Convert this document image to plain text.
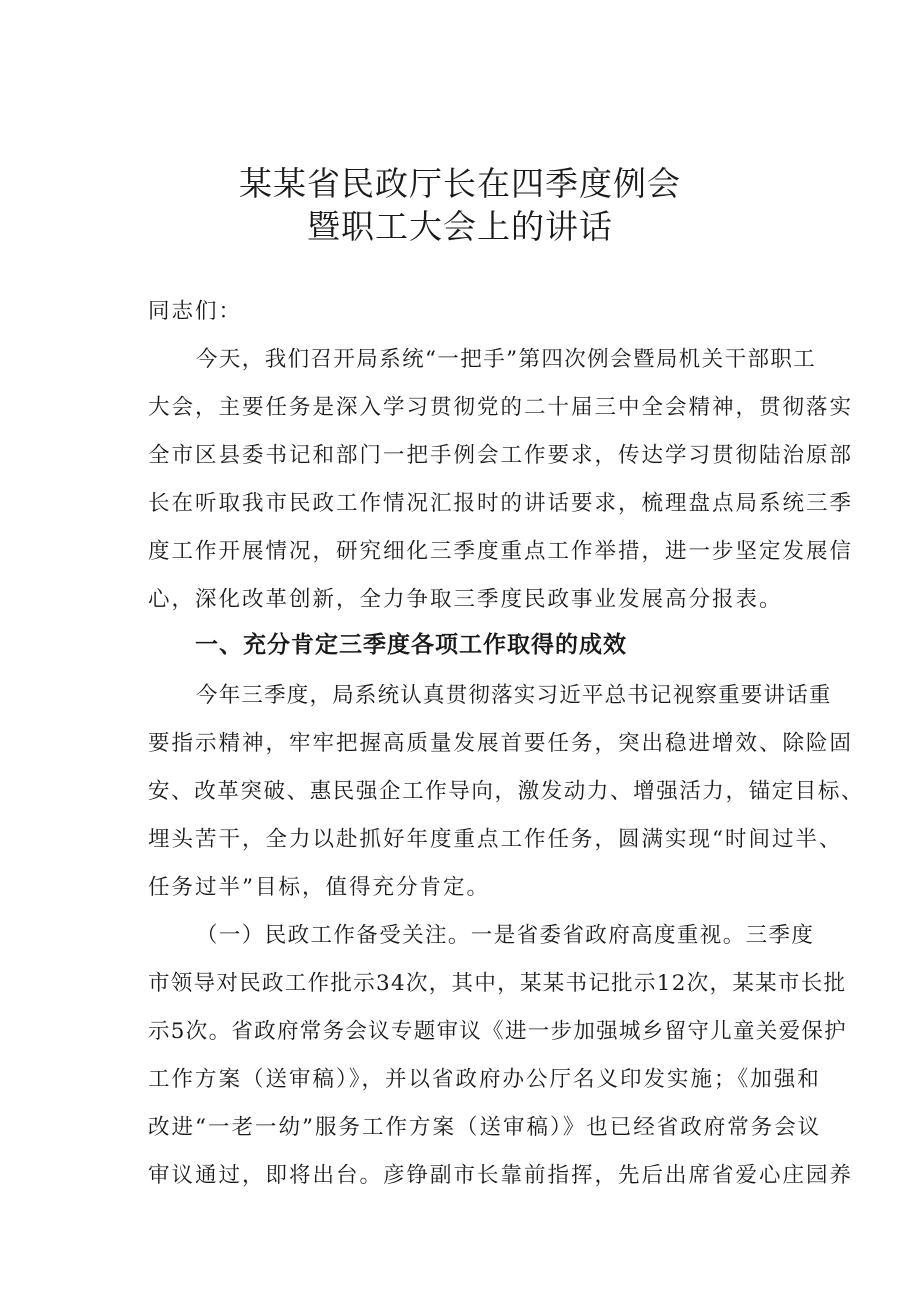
某某省民政厅长在四季度例会
暨职工大会上的讲话
同志们：
今天，我们召开局系统“一把手”第四次例会暨局机关干部职工
大会，主要任务是深入学习贯彻党的二十届三中全会精神，贯彻落实
全市区县委书记和部门一把手例会工作要求，传达学习贯彻陆治原部
长在听取我市民政工作情况汇报时的讲话要求，梳理盘点局系统三季
度工作开展情况，研究细化三季度重点工作举措，进一步坚定发展信
心，深化改革创新，全力争取三季度民政事业发展高分报表。
一、充分肯定三季度各项工作取得的成效
今年三季度，局系统认真贯彻落实习近平总书记视察重要讲话重
要指示精神，牢牢把握高质量发展首要任务，突出稳进增效、除险固
安、改革突破、惠民强企工作导向，激发动力、增强活力，锚定目标、
埋头苦干，全力以赴抓好年度重点工作任务，圆满实现“时间过半、
任务过半”目标，值得充分肯定。
（一）民政工作备受关注。一是省委省政府高度重视。三季度
市领导对民政工作批示34次，其中，某某书记批示12次，某某市长批
示5次。省政府常务会议专题审议《进一步加强城乡留守儿童关爱保护
工作方案（送审稿）》，并以省政府办公厅名义印发实施；《加强和
改进“一老一幼”服务工作方案（送审稿）》也已经省政府常务会议
审议通过，即将出台。彦铮副市长靠前指挥，先后出席省爱心庄园养
